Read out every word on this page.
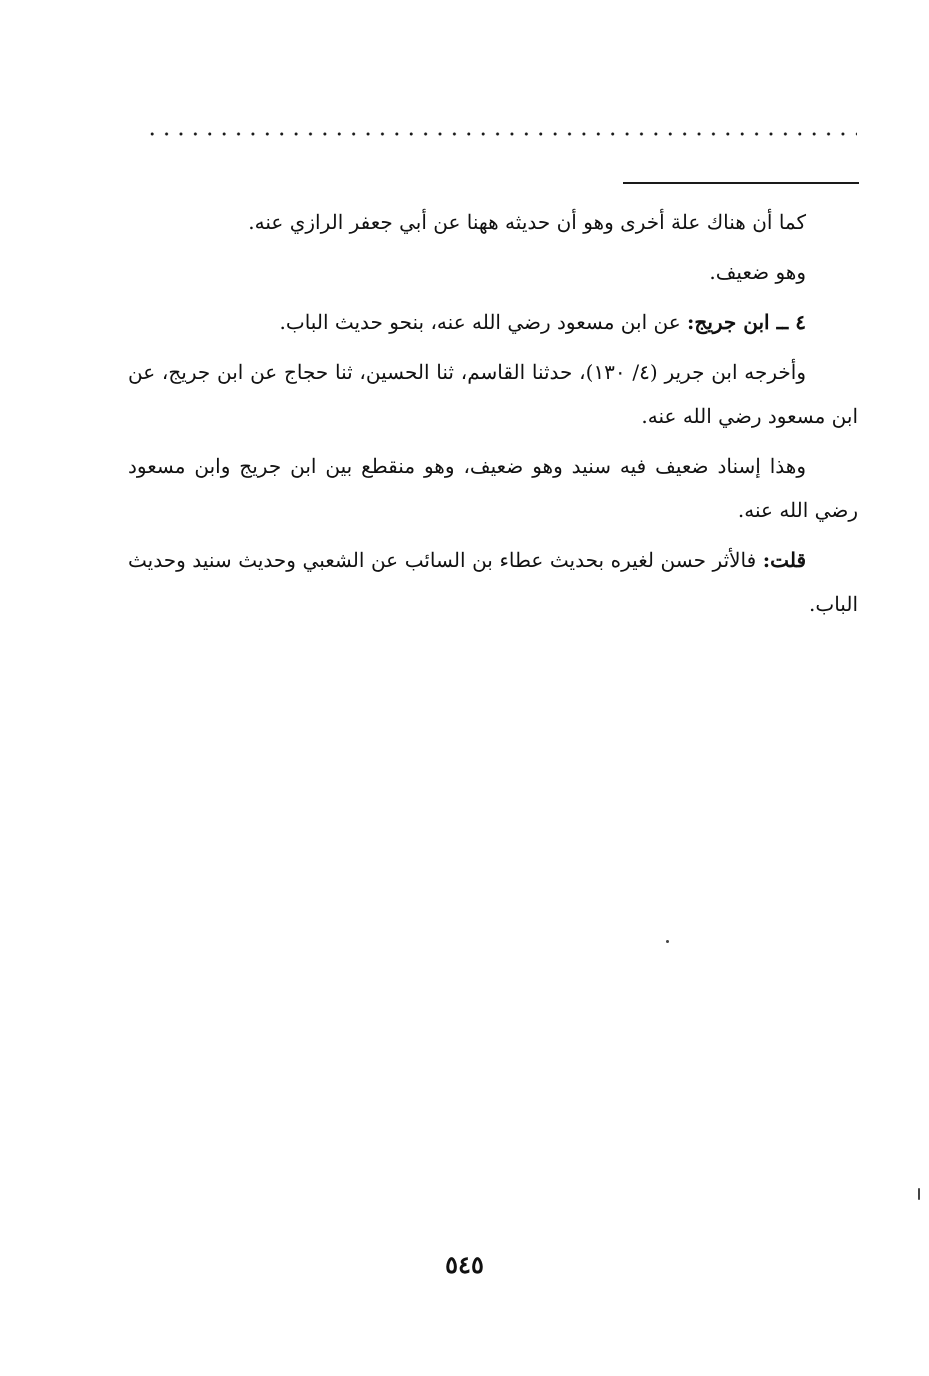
كما أن هناك علة أخرى وهو أن حديثه ههنا عن أبي جعفر الرازي عنه.

وهو ضعيف.

٤ ــ ابن جريج: عن ابن مسعود رضي الله عنه، بنحو حديث الباب.

وأخرجه ابن جرير (٤/ ١٣٠)، حدثنا القاسم، ثنا الحسين، ثنا حجاج عن ابن جريج، عن ابن مسعود رضي الله عنه.

وهذا إسناد ضعيف فيه سنيد وهو ضعيف، وهو منقطع بين ابن جريج وابن مسعود رضي الله عنه.

قلت: فالأثر حسن لغيره بحديث عطاء بن السائب عن الشعبي وحديث سنيد وحديث الباب.

٥٤٥
